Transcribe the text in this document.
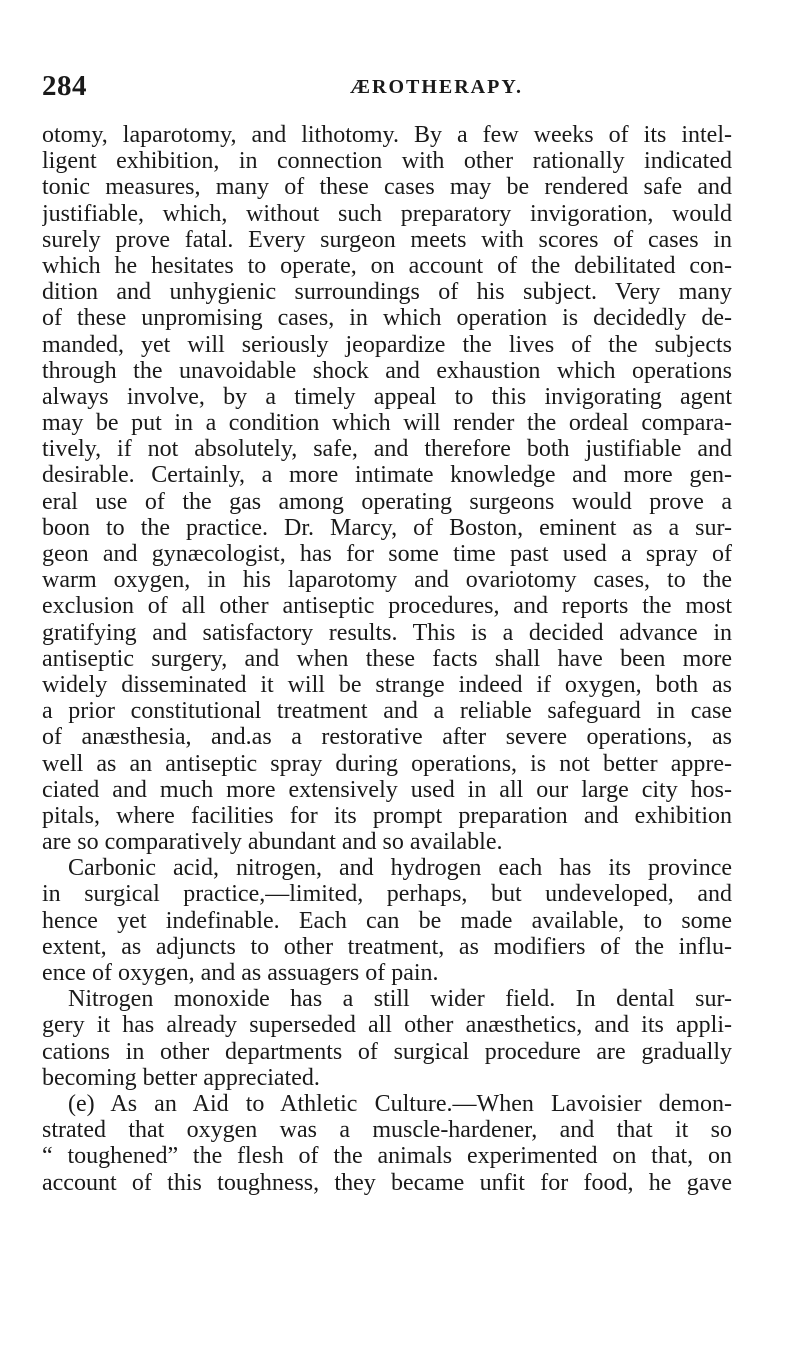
284	ÆROTHERAPY.
otomy, laparotomy, and lithotomy. By a few weeks of its intel-
ligent exhibition, in connection with other rationally indicated
tonic measures, many of these cases may be rendered safe and
justifiable, which, without such preparatory invigoration, would
surely prove fatal. Every surgeon meets with scores of cases in
which he hesitates to operate, on account of the debilitated con-
dition and unhygienic surroundings of his subject. Very many
of these unpromising cases, in which operation is decidedly de-
manded, yet will seriously jeopardize the lives of the subjects
through the unavoidable shock and exhaustion which operations
always involve, by a timely appeal to this invigorating agent
may be put in a condition which will render the ordeal compara-
tively, if not absolutely, safe, and therefore both justifiable and
desirable. Certainly, a more intimate knowledge and more gen-
eral use of the gas among operating surgeons would prove a
boon to the practice. Dr. Marcy, of Boston, eminent as a sur-
geon and gynæcologist, has for some time past used a spray of
warm oxygen, in his laparotomy and ovariotomy cases, to the
exclusion of all other antiseptic procedures, and reports the most
gratifying and satisfactory results. This is a decided advance in
antiseptic surgery, and when these facts shall have been more
widely disseminated it will be strange indeed if oxygen, both as
a prior constitutional treatment and a reliable safeguard in case
of anæsthesia, and.as a restorative after severe operations, as
well as an antiseptic spray during operations, is not better appre-
ciated and much more extensively used in all our large city hos-
pitals, where facilities for its prompt preparation and exhibition
are so comparatively abundant and so available.
Carbonic acid, nitrogen, and hydrogen each has its province
in surgical practice,—limited, perhaps, but undeveloped, and
hence yet indefinable. Each can be made available, to some
extent, as adjuncts to other treatment, as modifiers of the influ-
ence of oxygen, and as assuagers of pain.
Nitrogen monoxide has a still wider field. In dental sur-
gery it has already superseded all other anæsthetics, and its appli-
cations in other departments of surgical procedure are gradually
becoming better appreciated.
(e) As an Aid to Athletic Culture.—When Lavoisier demon-
strated that oxygen was a muscle-hardener, and that it so
“ toughened” the flesh of the animals experimented on that, on
account of this toughness, they became unfit for food, he gave
